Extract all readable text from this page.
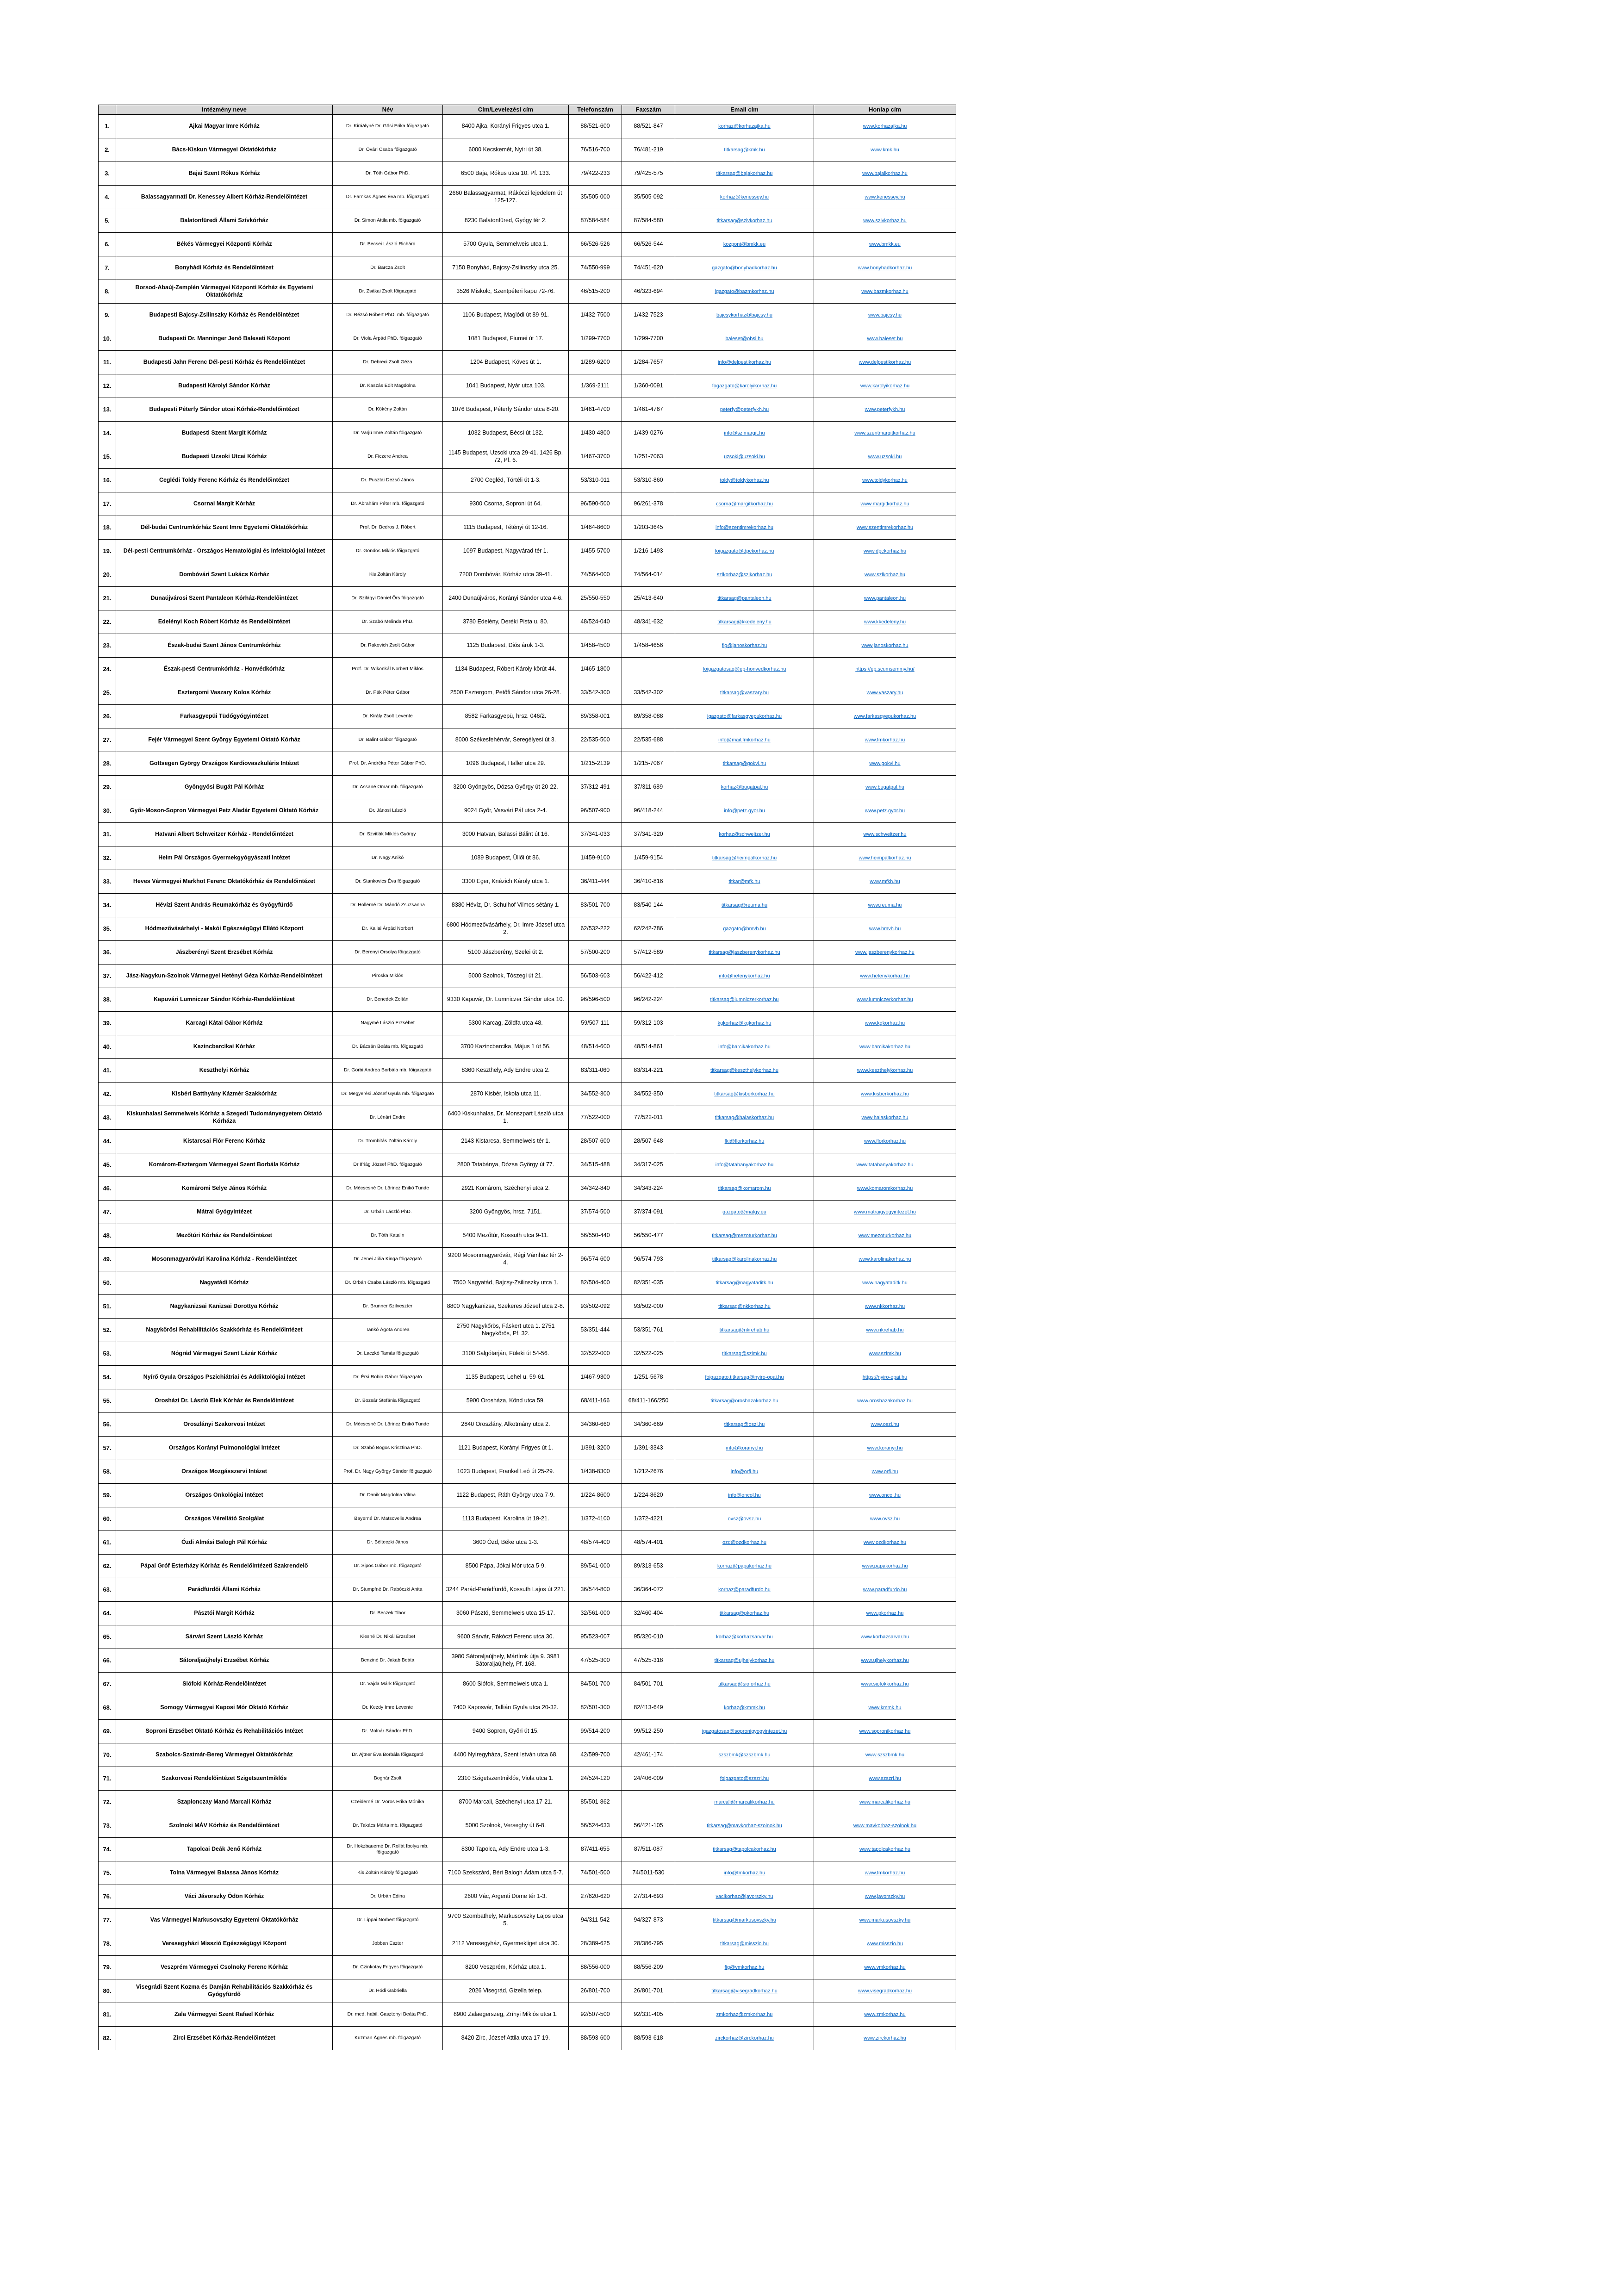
	Intézmény neve	Név	Cím/Levelezési cím	Telefonszám	Faxszám	Email cím	Honlap cím
1.	Ajkai Magyar Imre Kórház	Dr. Kiráályné Dr. Gősi Erika főigazgató	8400 Ajka, Korányi Frigyes utca 1.	88/521-600	88/521-847	korhaz@korhazajka.hu	www.korhazajka.hu
2.	Bács-Kiskun Vármegyei Oktatókórház	Dr. Övári Csaba főigazgató	6000 Kecskemét, Nyíri út 38.	76/516-700	76/481-219	titkarsag@kmk.hu	www.kmk.hu
3.	Bajai Szent Rókus Kórház	Dr. Tóth Gábor PhD.	6500 Baja, Rókus utca 10. Pf. 133.	79/422-233	79/425-575	titkarsag@bajakorhaz.hu	www.bajaikorhaz.hu
4.	Balassagyarmati Dr. Kenessey Albert Kórház-Rendelőintézet	Dr. Farnkas Ágnes Éva mb. főigazgató	2660 Balassagyarmat, Rákóczi fejedelem út 125-127.	35/505-000	35/505-092	korhaz@kenessey.hu	www.kenessey.hu
5.	Balatonfüredi Állami Szívkórház	Dr. Simon Attila mb. főigazgató	8230 Balatonfüred, Gyógy tér 2.	87/584-584	87/584-580	titkarsag@szivkorhaz.hu	www.szivkorhaz.hu
6.	Békés Vármegyei Központi Kórház	Dr. Becsei László Richárd	5700 Gyula, Semmelweis utca 1.	66/526-526	66/526-544	kozpont@bmkk.eu	www.bmkk.eu
7.	Bonyhádi Kórház és Rendelőintézet	Dr. Barcza Zsolt	7150 Bonyhád, Bajcsy-Zsilinszky utca 25.	74/550-999	74/451-620	gazgato@bonyhadkorhaz.hu	www.bonyhadkorhaz.hu
8.	Borsod-Abaúj-Zemplén Vármegyei Központi Kórház és Egyetemi Oktatókórház	Dr. Zsákai Zsolt főigazgató	3526 Miskolc, Szentpéteri kapu 72-76.	46/515-200	46/323-694	igazgato@bazmkorhaz.hu	www.bazmkorhaz.hu
9.	Budapesti Bajcsy-Zsilinszky Kórház és Rendelőintézet	Dr. Rézsó Róbert PhD. mb. főigazgató	1106 Budapest, Maglódi út 89-91.	1/432-7500	1/432-7523	bajcsykorhaz@bajcsy.hu	www.bajcsy.hu
10.	Budapesti Dr. Manninger Jenő Baleseti Központ	Dr. Viola Árpád PhD. főigazgató	1081 Budapest, Fiumei út 17.	1/299-7700	1/299-7700	baleset@obsi.hu	www.baleset.hu
11.	Budapesti Jahn Ferenc Dél-pesti Kórház és Rendelőintézet	Dr. Debreci Zsolt Géza	1204 Budapest, Köves út 1.	1/289-6200	1/284-7657	info@delpestikorhaz.hu	www.delpestikorhaz.hu
12.	Budapesti Károlyi Sándor Kórház	Dr. Kaszás Edit Magdolna	1041 Budapest, Nyár utca 103.	1/369-2111	1/360-0091	fogazgato@karolyikorhaz.hu	www.karolyikorhaz.hu
13.	Budapesti Péterfy Sándor utcai Kórház-Rendelőintézet	Dr. Kökény Zoltán	1076 Budapest, Péterfy Sándor utca 8-20.	1/461-4700	1/461-4767	peterfy@peterfykh.hu	www.peterfykh.hu
14.	Budapesti Szent Margit Kórház	Dr. Varjú Imre Zoltán főigazgató	1032 Budapest, Bécsi út 132.	1/430-4800	1/439-0276	info@szimargit.hu	www.szentmargitkorhaz.hu
15.	Budapesti Uzsoki Utcai Kórház	Dr. Ficzere Andrea	1145 Budapest, Uzsoki utca 29-41. 1426 Bp. 72, Pf. 6.	1/467-3700	1/251-7063	uzsoki@uzsoki.hu	www.uzsoki.hu
16.	Ceglédi Toldy Ferenc Kórház és Rendelőintézet	Dr. Pusztai Dezső János	2700 Cegléd, Törtéli út 1-3.	53/310-011	53/310-860	toldy@toldykorhaz.hu	www.toldykorhaz.hu
17.	Csornai Margit Kórház	Dr. Ábrahám Péter mb. főigazgató	9300 Csorna, Soproni út 64.	96/590-500	96/261-378	csorna@margitkorhaz.hu	www.margitkorhaz.hu
18.	Dél-budai Centrumkórház Szent Imre Egyetemi Oktatókórház	Prof. Dr. Bedros J. Róbert	1115 Budapest, Tétényi út 12-16.	1/464-8600	1/203-3645	info@szentimrekorhaz.hu	www.szentimrekorhaz.hu
19.	Dél-pesti Centrumkórház - Országos Hematológiai és Infektológiai Intézet	Dr. Gondos Miklós főigazgató	1097 Budapest, Nagyvárad tér 1.	1/455-5700	1/216-1493	foigazgato@dpckorhaz.hu	www.dpckorhaz.hu
20.	Dombóvári Szent Lukács Kórház	Kis Zoltán Károly	7200 Dombóvár, Kórház utca 39-41.	74/564-000	74/564-014	szlkorhaz@szlkorhaz.hu	www.szlkorhaz.hu
21.	Dunaújvárosi Szent Pantaleon Kórház-Rendelőintézet	Dr. Szilágyi Dániel Örs főigazgató	2400 Dunaújváros, Korányi Sándor utca 4-6.	25/550-550	25/413-640	titkarsag@pantaleon.hu	www.pantaleon.hu
22.	Edelényi Koch Róbert Kórház és Rendelőintézet	Dr. Szabó Melinda PhD.	3780 Edelény, Deréki Pista u. 80.	48/524-040	48/341-632	titkarsag@kkedeleny.hu	www.kkedeleny.hu
23.	Észak-budai Szent János Centrumkórház	Dr. Rakovich Zsolt Gábor	1125 Budapest, Diós árok 1-3.	1/458-4500	1/458-4656	fig@janoskorhaz.hu	www.janoskorhaz.hu
24.	Észak-pesti Centrumkórház - Honvédkórház	Prof. Dr. Wikonkál Norbert Miklós	1134 Budapest, Róbert Károly körút 44.	1/465-1800	-	foigazgatosag@ep-honvedkorhaz.hu	https://ep.scumsemmy.hu/
25.	Esztergomi Vaszary Kolos Kórház	Dr. Pák Péter Gábor	2500 Esztergom, Petőfi Sándor utca 26-28.	33/542-300	33/542-302	titkarsag@vaszary.hu	www.vaszary.hu
26.	Farkasgyepüi Tüdőgyógyintézet	Dr. Király Zsolt Levente	8582 Farkasgyepü, hrsz. 046/2.	89/358-001	89/358-088	igazgato@farkasgyepukorhaz.hu	www.farkasgyepukorhaz.hu
27.	Fejér Vármegyei Szent György Egyetemi Oktató Kórház	Dr. Balint Gábor főigazgató	8000 Székesfehérvár, Seregélyesi út 3.	22/535-500	22/535-688	info@mail.fmkorhaz.hu	www.fmkorhaz.hu
28.	Gottsegen György Országos Kardiovaszkuláris Intézet	Prof. Dr. Andréka Péter Gábor PhD.	1096 Budapest, Haller utca 29.	1/215-2139	1/215-7067	titkarsag@gokvi.hu	www.gokvi.hu
29.	Gyöngyösi Bugát Pál Kórház	Dr. Assané Omar mb. főigazgató	3200 Gyöngyös, Dózsa György út 20-22.	37/312-491	37/311-689	korhaz@bugatpal.hu	www.bugatpal.hu
30.	Győr-Moson-Sopron Vármegyei Petz Aladár Egyetemi Oktató Kórház	Dr. Jánosi László	9024 Győr, Vasvári Pál utca 2-4.	96/507-900	96/418-244	info@petz.gyor.hu	www.petz.gyor.hu
31.	Hatvani Albert Schweitzer Kórház - Rendelőintézet	Dr. Szvitlák Miklós György	3000 Hatvan, Balassi Bálint út 16.	37/341-033	37/341-320	korhaz@schweitzer.hu	www.schweitzer.hu
32.	Heim Pál Országos Gyermekgyógyászati Intézet	Dr. Nagy Anikó	1089 Budapest, Üllői út 86.	1/459-9100	1/459-9154	titkarsag@heimpalkorhaz.hu	www.heimpalkorhaz.hu
33.	Heves Vármegyei Markhot Ferenc Oktatókórház és Rendelőintézet	Dr. Stankovics Éva főigazgató	3300 Eger, Knézich Károly utca 1.	36/411-444	36/410-816	titkar@mfk.hu	www.mfkh.hu
34.	Hévízi Szent András Reumakórház és Gyógyfürdő	Dr. Hollerné Dr. Mándó Zsuzsanna	8380 Hévíz, Dr. Schulhof Vilmos sétány 1.	83/501-700	83/540-144	titkarsag@reuma.hu	www.reuma.hu
35.	Hódmezővásárhelyi - Makói Egészségügyi Ellátó Központ	Dr. Kallai Árpád Norbert	6800 Hódmezővásárhely, Dr. Imre József utca 2.	62/532-222	62/242-786	gazgato@hmvh.hu	www.hmvh.hu
36.	Jászberényi Szent Erzsébet Kórház	Dr. Berenyi Orsolya főigazgató	5100 Jászberény, Szelei út 2.	57/500-200	57/412-589	titkarsag@jaszberenykorhaz.hu	www.jaszberenykorhaz.hu
37.	Jász-Nagykun-Szolnok Vármegyei Hetényi Géza Kórház-Rendelőintézet	Piroska Miklós	5000 Szolnok, Tószegi út 21.	56/503-603	56/422-412	info@hetenykorhaz.hu	www.hetenykorhaz.hu
38.	Kapuvári Lumniczer Sándor Kórház-Rendelőintézet	Dr. Benedek Zoltán	9330 Kapuvár, Dr. Lumniczer Sándor utca 10.	96/596-500	96/242-224	titkarsag@lumniczerkorhaz.hu	www.lumniczerkorhaz.hu
39.	Karcagi Kátai Gábor Kórház	Nagymé László Erzsébet	5300 Karcag, Zöldfa utca 48.	59/507-111	59/312-103	kgkorhaz@kgkorhaz.hu	www.kgkorhaz.hu
40.	Kazincbarcikai Kórház	Dr. Bácsán Beáta mb. főigazgató	3700 Kazincbarcika, Május 1 út 56.	48/514-600	48/514-861	info@barcikakorhaz.hu	www.barcikakorhaz.hu
41.	Keszthelyi Kórház	Dr. Görbi Andrea Borbála mb. főigazgató	8360 Keszthely, Ady Endre utca 2.	83/311-060	83/314-221	titkarsag@keszthelykorhaz.hu	www.keszthelykorhaz.hu
42.	Kisbéri Batthyány Kázmér Szakkórház	Dr. Megyerési József Gyula mb. főigazgató	2870 Kisbér, Iskola utca 11.	34/552-300	34/552-350	titkarsag@kisberkorhaz.hu	www.kisberkorhaz.hu
43.	Kiskunhalasi Semmelweis Kórház a Szegedi Tudományegyetem Oktató Kórháza	Dr. Lénárt Endre	6400 Kiskunhalas, Dr. Monszpart László utca 1.	77/522-000	77/522-011	titkarsag@halaskorhaz.hu	www.halaskorhaz.hu
44.	Kistarcsai Flór Ferenc Kórház	Dr. Trombitás Zoltán Károly	2143 Kistarcsa, Semmelweis tér 1.	28/507-600	28/507-648	fki@florkorhaz.hu	www.florkorhaz.hu
45.	Komárom-Esztergom Vármegyei Szent Borbála Kórház	Dr Ifriág József PhD. főigazgató	2800 Tatabánya, Dózsa György út 77.	34/515-488	34/317-025	info@tatabanyakorhaz.hu	www.tatabanyakorhaz.hu
46.	Komáromi Selye János Kórház	Dr. Mécsesné Dr. Lőrincz Enikő Tünde	2921 Komárom, Széchenyi utca 2.	34/342-840	34/343-224	titkarsag@komarom.hu	www.komaromkorhaz.hu
47.	Mátrai Gyógyintézet	Dr. Urbán László PhD.	3200 Gyöngyös, hrsz. 7151.	37/574-500	37/374-091	gazgato@matgy.eu	www.matraigyogyintezet.hu
48.	Mezőtúri Kórház és Rendelőintézet	Dr. Tóth Katalin	5400 Mezőtúr, Kossuth utca 9-11.	56/550-440	56/550-477	titkarsag@mezoturkorhaz.hu	www.mezoturkorhaz.hu
49.	Mosonmagyaróvári Karolina Kórház - Rendelőintézet	Dr. Jenei Júlia Kinga főigazgató	9200 Mosonmagyaróvár, Régi Vámház tér 2-4.	96/574-600	96/574-793	titkarsag@karolinakorhaz.hu	www.karolinakorhaz.hu
50.	Nagyatádi Kórház	Dr. Orbán Csaba László mb. főigazgató	7500 Nagyatád, Bajcsy-Zsilinszky utca 1.	82/504-400	82/351-035	titkarsag@nagyataditk.hu	www.nagyataditk.hu
51.	Nagykanizsai Kanizsai Dorottya Kórház	Dr. Brünner Szilveszter	8800 Nagykanizsa, Szekeres József utca 2-8.	93/502-092	93/502-000	titkarsag@nkkorhaz.hu	www.nkkorhaz.hu
52.	Nagykőrösi Rehabilitációs Szakkórház és Rendelőintézet	Tankó Ágota Andrea	2750 Nagykőrös, Fáskert utca 1. 2751 Nagykőrös, Pf. 32.	53/351-444	53/351-761	titkarsag@nkrehab.hu	www.nkrehab.hu
53.	Nógrád Vármegyei Szent Lázár Kórház	Dr. Laczkó Tamás főigazgató	3100 Salgótarján, Füleki út 54-56.	32/522-000	32/522-025	titkarsag@szlmk.hu	www.szlmk.hu
54.	Nyírő Gyula Országos Pszichiátriai és Addiktológiai Intézet	Dr. Érsi Robin Gábor főigazgató	1135 Budapest, Lehel u. 59-61.	1/467-9300	1/251-5678	foigazgato.titkarsag@nyiro-opai.hu	https://nyiro-opai.hu
55.	Orosházi Dr. László Elek Kórház és Rendelőintézet	Dr. Bozsár Stefánia főigazgató	5900 Orosháza, Könd utca 59.	68/411-166	68/411-166/250	titkarsag@oroshazakorhaz.hu	www.oroshazakorhaz.hu
56.	Oroszlányi Szakorvosi Intézet	Dr. Mécsesné Dr. Lőrincz Enikő Tünde	2840 Oroszlány, Alkotmány utca 2.	34/360-660	34/360-669	titkarsag@oszi.hu	www.oszi.hu
57.	Országos Korányi Pulmonológiai Intézet	Dr. Szabó Bogos Krisztina PhD.	1121 Budapest, Korányi Frigyes út 1.	1/391-3200	1/391-3343	info@koranyi.hu	www.koranyi.hu
58.	Országos Mozgásszervi Intézet	Prof. Dr. Nagy György Sándor főigazgató	1023 Budapest, Frankel Leó út 25-29.	1/438-8300	1/212-2676	info@orfi.hu	www.orfi.hu
59.	Országos Onkológiai Intézet	Dr. Danik Magdolna Vilma	1122 Budapest, Ráth György utca 7-9.	1/224-8600	1/224-8620	info@oncol.hu	www.oncol.hu
60.	Országos Vérellátó Szolgálat	Bayerné Dr. Matsovelis Andrea	1113 Budapest, Karolina út 19-21.	1/372-4100	1/372-4221	ovsz@ovsz.hu	www.ovsz.hu
61.	Ózdi Almási Balogh Pál Kórház	Dr. Bélteczki János	3600 Ózd, Béke utca 1-3.	48/574-400	48/574-401	ozd@ozdkorhaz.hu	www.ozdkorhaz.hu
62.	Pápai Gróf Esterházy Kórház és Rendelőintézeti Szakrendelő	Dr. Sipos Gábor mb. főigazgató	8500 Pápa, Jókai Mór utca 5-9.	89/541-000	89/313-653	korhaz@papakorhaz.hu	www.papakorhaz.hu
63.	Parádfürdői Állami Kórház	Dr. Stumpfné Dr. Rabóczki Anita	3244 Parád-Parádfürdő, Kossuth Lajos út 221.	36/544-800	36/364-072	korhaz@paradfurdo.hu	www.paradfurdo.hu
64.	Pásztói Margit Kórház	Dr. Beczek Tibor	3060 Pásztó, Semmelweis utca 15-17.	32/561-000	32/460-404	titkarsag@pkorhaz.hu	www.pkorhaz.hu
65.	Sárvári Szent László Kórház	Kiesné Dr. Nikál Erzsébet	9600 Sárvár, Rákóczi Ferenc utca 30.	95/523-007	95/320-010	korhaz@korhazsarvar.hu	www.korhazsarvar.hu
66.	Sátoraljaújhelyi Erzsébet Kórház	Benziné Dr. Jakab Beáta	3980 Sátoraljaújhely, Mártírok útja 9. 3981 Sátoraljaújhely, Pf. 168.	47/525-300	47/525-318	titkarsag@ujhelykorhaz.hu	www.ujhelykorhaz.hu
67.	Siófoki Kórház-Rendelőintézet	Dr. Vajda Márk főigazgató	8600 Siófok, Semmelweis utca 1.	84/501-700	84/501-701	titkarsag@sioforhaz.hu	www.siofokkorhaz.hu
68.	Somogy Vármegyei Kaposi Mór Oktató Kórház	Dr. Kezdy Imre Levente	7400 Kaposvár, Tallián Gyula utca 20-32.	82/501-300	82/413-649	korhaz@kmmk.hu	www.kmmk.hu
69.	Soproni Erzsébet Oktató Kórház és Rehabilitációs Intézet	Dr. Molnár Sándor PhD.	9400 Sopron, Győri út 15.	99/514-200	99/512-250	igazgatosag@sopronigyogyintezet.hu	www.sopronikorhaz.hu
70.	Szabolcs-Szatmár-Bereg Vármegyei Oktatókórház	Dr. Ajtner Éva Borbála főigazgató	4400 Nyíregyháza, Szent István utca 68.	42/599-700	42/461-174	szszbmk@szszbmk.hu	www.szszbmk.hu
71.	Szakorvosi Rendelőintézet Szigetszentmiklós	Bognár Zsolt	2310 Szigetszentmiklós, Viola utca 1.	24/524-120	24/406-009	foigazgato@szszri.hu	www.szszri.hu
72.	Szaplonczay Manó Marcali Kórház	Czeiderné Dr. Vörös Erika Mónika	8700 Marcali, Széchenyi utca 17-21.	85/501-862		marcali@marcalikorhaz.hu	www.marcalikorhaz.hu
73.	Szolnoki MÁV Kórház és Rendelőintézet	Dr. Takács Márta mb. főigazgató	5000 Szolnok, Verseghy út 6-8.	56/524-633	56/421-105	titkarsag@mavkorhaz-szolnok.hu	www.mavkorhaz-szolnok.hu
74.	Tapolcai Deák Jenő Kórház	Dr. Hokzbauerné Dr. Rollát Ibolya mb. főigazgató	8300 Tapolca, Ady Endre utca 1-3.	87/411-655	87/511-087	titkarsag@tapolcakorhaz.hu	www.tapolcakorhaz.hu
75.	Tolna Vármegyei Balassa János Kórház	Kis Zoltán Károly főigazgató	7100 Szekszárd, Béri Balogh Ádám utca 5-7.	74/501-500	74/5011-530	info@tmkorhaz.hu	www.tmkorhaz.hu
76.	Váci Jávorszky Ödön Kórház	Dr. Urbán Edina	2600 Vác, Argenti Döme tér 1-3.	27/620-620	27/314-693	vacikorhaz@javorszky.hu	www.javorszky.hu
77.	Vas Vármegyei Markusovszky Egyetemi Oktatókórház	Dr. Lippai Norbert főigazgató	9700 Szombathely, Markusovszky Lajos utca 5.	94/311-542	94/327-873	titkarsag@markusovszky.hu	www.markusovszky.hu
78.	Veresegyházi Misszió Egészségügyi Központ	Jobban Eszter	2112 Veresegyház, Gyermekliget utca 30.	28/389-625	28/386-795	titkarsag@misszio.hu	www.misszio.hu
79.	Veszprém Vármegyei Csolnoky Ferenc Kórház	Dr. Czinkotay Frigyes főigazgató	8200 Veszprém, Kórház utca 1.	88/556-000	88/556-209	fig@vmkorhaz.hu	www.vmkorhaz.hu
80.	Visegrádi Szent Kozma és Damján Rehabilitációs Szakkórház és Gyógyfürdő	Dr. Hódi Gabriella	2026 Visegrád, Gizella telep.	26/801-700	26/801-701	titkarsag@visegradkorhaz.hu	www.visegradkorhaz.hu
81.	Zala Vármegyei Szent Rafael Kórház	Dr. med. habil. Gasztonyi Beáta PhD.	8900 Zalaegerszeg, Zrínyi Miklós utca 1.	92/507-500	92/331-405	zmkorhaz@zmkorhaz.hu	www.zmkorhaz.hu
82.	Zirci Erzsébet Kórház-Rendelőintézet	Kuzman Ágnes mb. főigazgató	8420 Zirc, József Attila utca 17-19.	88/593-600	88/593-618	zirckorhaz@zirckorhaz.hu	www.zirckorhaz.hu
